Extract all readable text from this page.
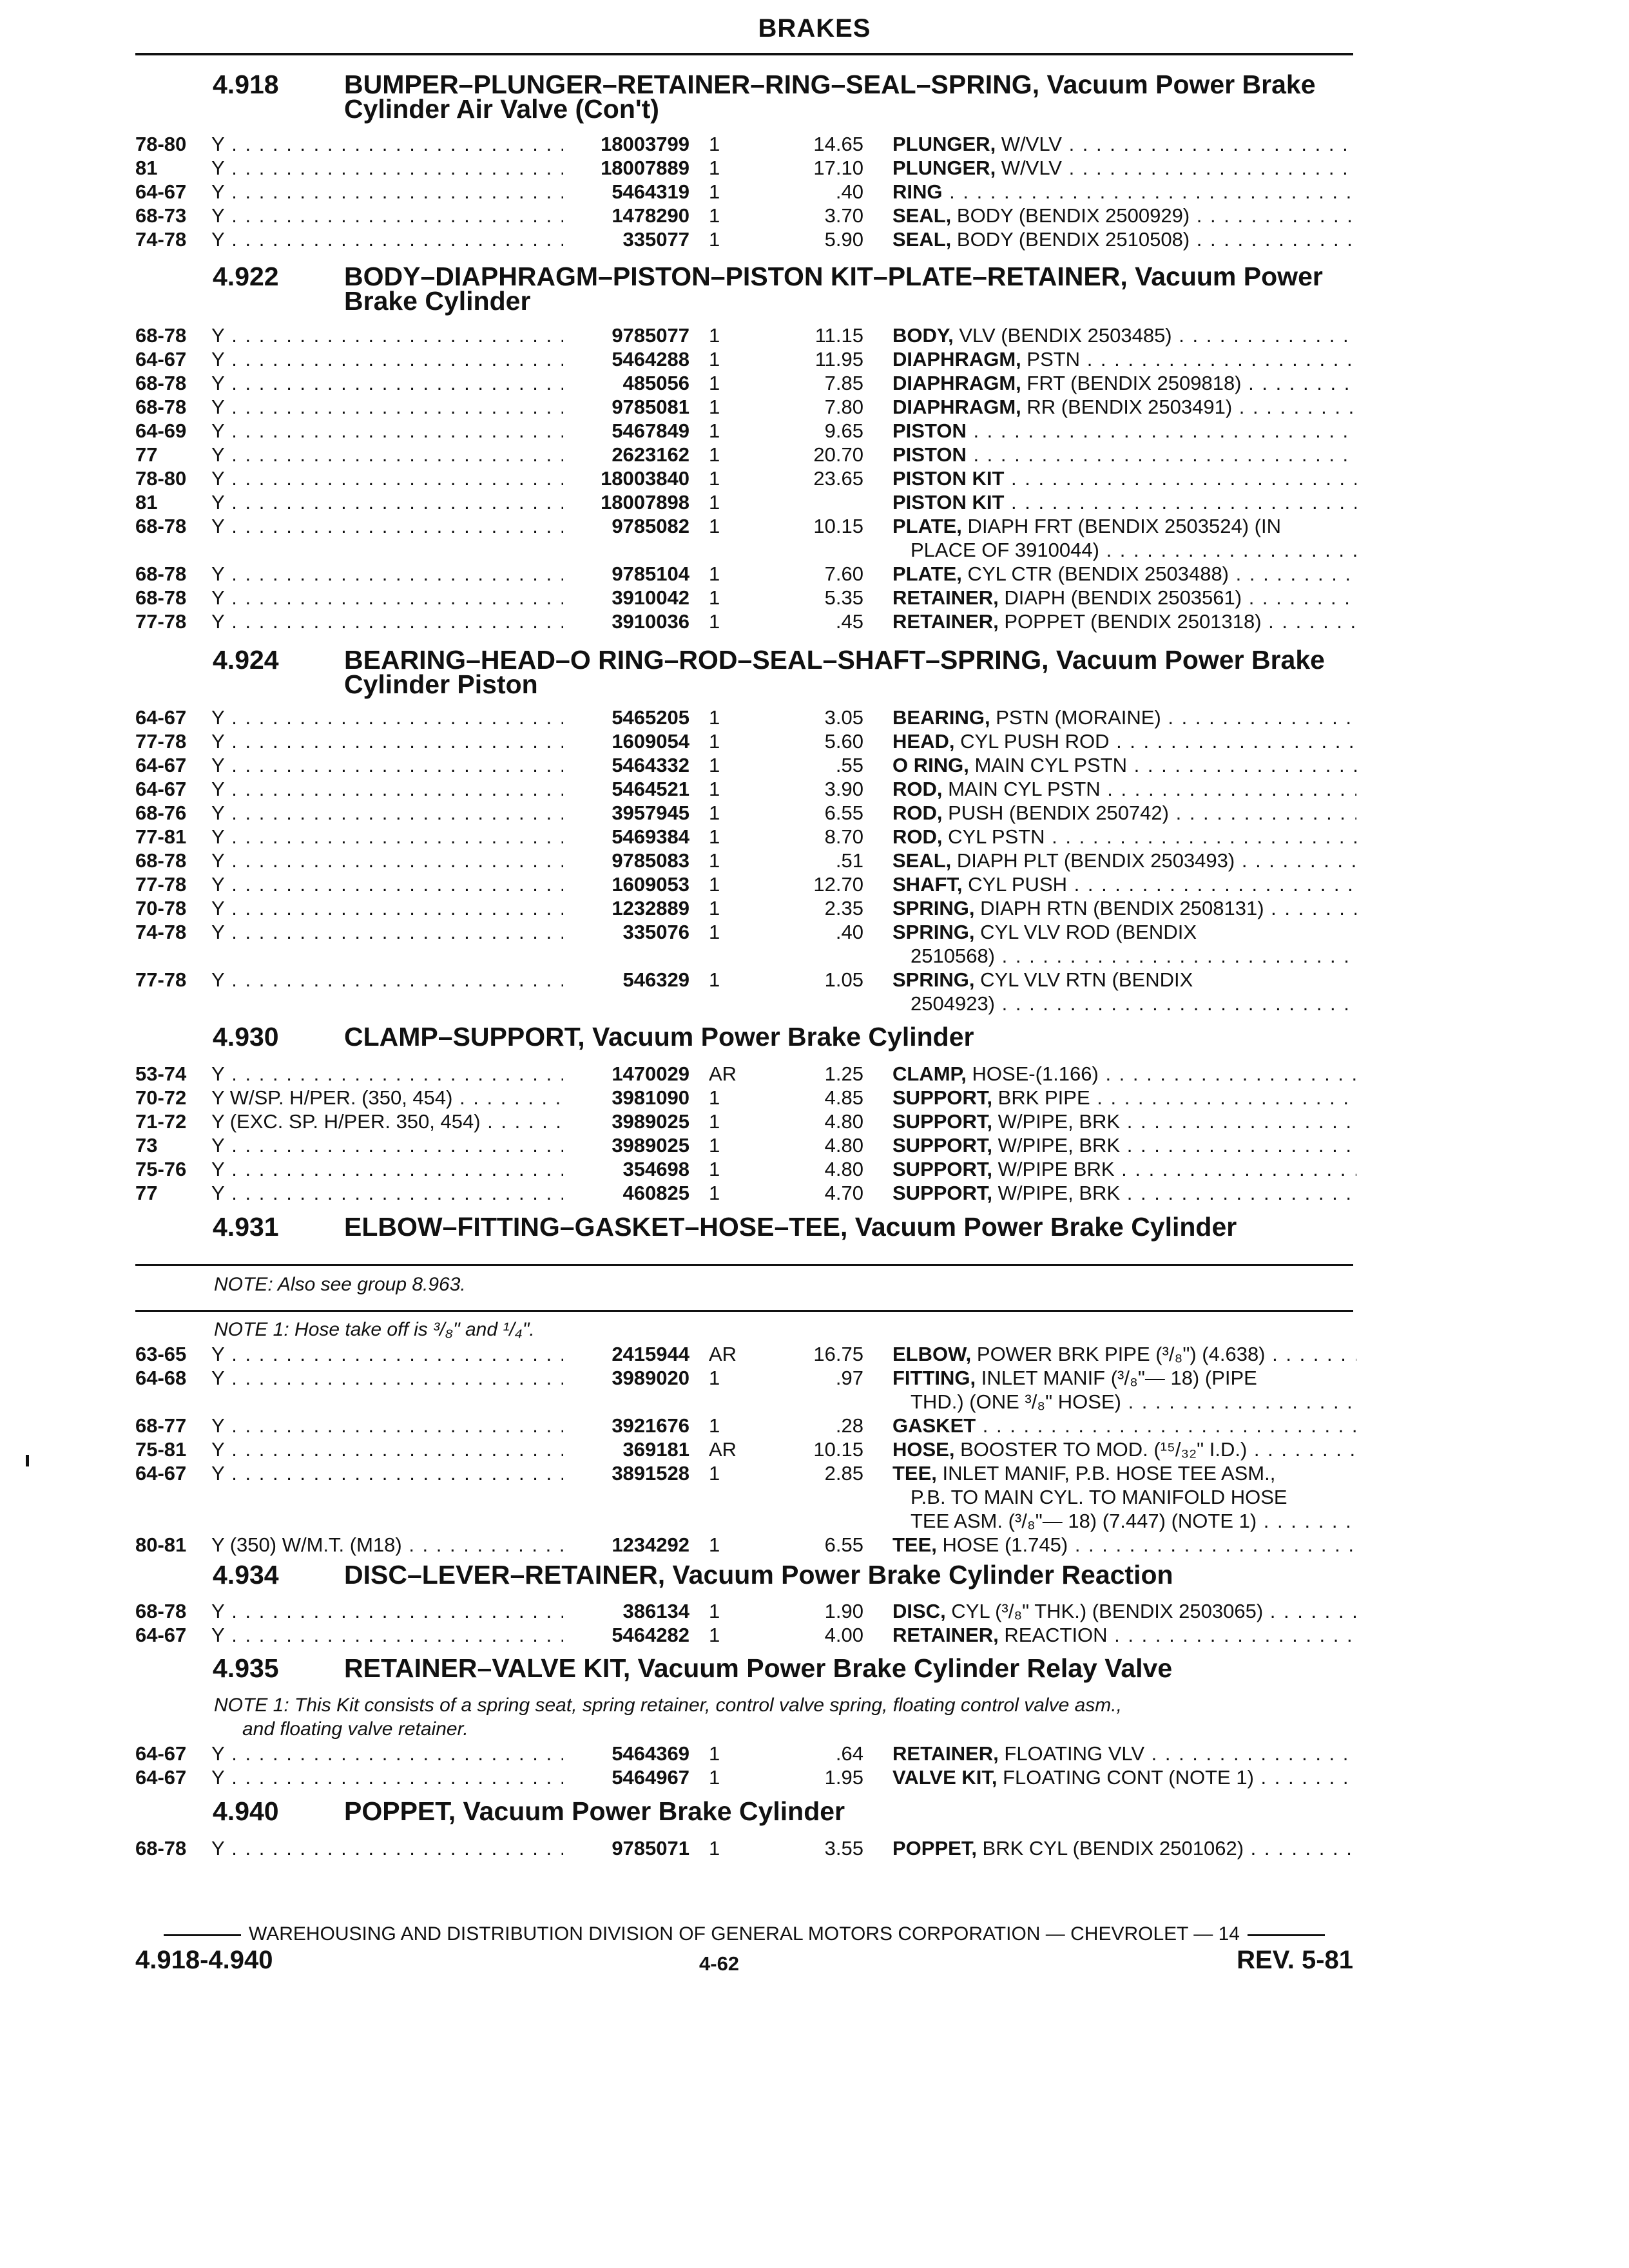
BRAKES
4.918 BUMPER–PLUNGER–RETAINER–RING–SEAL–SPRING, Vacuum Power Brake Cylinder Air Valve (Con't)
78-80 Y . . .	18003799 1	14.65 PLUNGER, W/VLV . . .
81	Y . . .	18007889 1	17.10 PLUNGER, W/VLV . . .
64-67 Y . . .	5464319 1	.40 RING . . .
68-73 Y . . .	1478290 1	3.70 SEAL, BODY (BENDIX 2500929) . . .
74-78 Y . . .	335077 1	5.90 SEAL, BODY (BENDIX 2510508) . . .
4.922 BODY–DIAPHRAGM–PISTON–PISTON KIT–PLATE–RETAINER, Vacuum Power Brake Cylinder
68-78 Y . . .	9785077 1	11.15 BODY, VLV (BENDIX 2503485) . . .
64-67 Y . . .	5464288 1	11.95 DIAPHRAGM, PSTN . . .
68-78 Y . . .	485056 1	7.85 DIAPHRAGM, FRT (BENDIX 2509818) . . .
68-78 Y . . .	9785081 1	7.80 DIAPHRAGM, RR (BENDIX 2503491) . . .
64-69 Y . . .	5467849 1	9.65 PISTON . . .
77	Y . . .	2623162 1	20.70 PISTON . . .
78-80 Y . . .	18003840 1	23.65 PISTON KIT . . .
81	Y . . .	18007898 1	PISTON KIT . . .
68-78 Y . . .	9785082 1	10.15 PLATE, DIAPH FRT (BENDIX 2503524) (IN
PLACE OF 3910044) . . .
68-78 Y . . .	9785104 1	7.60 PLATE, CYL CTR (BENDIX 2503488) . . .
68-78 Y . . .	3910042 1	5.35 RETAINER, DIAPH (BENDIX 2503561) . . .
77-78 Y . . .	3910036 1	.45 RETAINER, POPPET (BENDIX 2501318) . . .
4.924 BEARING–HEAD–O RING–ROD–SEAL–SHAFT–SPRING, Vacuum Power Brake Cylinder Piston
64-67 Y . . .	5465205 1	3.05 BEARING, PSTN (MORAINE) . . .
77-78 Y . . .	1609054 1	5.60 HEAD, CYL PUSH ROD . . .
64-67 Y . . .	5464332 1	.55 O RING, MAIN CYL PSTN . . .
64-67 Y . . .	5464521 1	3.90 ROD, MAIN CYL PSTN . . .
68-76 Y . . .	3957945 1	6.55 ROD, PUSH (BENDIX 250742) . . .
77-81 Y . . .	5469384 1	8.70 ROD, CYL PSTN . . .
68-78 Y . . .	9785083 1	.51 SEAL, DIAPH PLT (BENDIX 2503493) . . .
77-78 Y . . .	1609053 1	12.70 SHAFT, CYL PUSH . . .
70-78 Y . . .	1232889 1	2.35 SPRING, DIAPH RTN (BENDIX 2508131) . . .
74-78 Y . . .	335076 1	.40 SPRING, CYL VLV ROD (BENDIX
2510568) . . .
77-78 Y . . .	546329 1	1.05 SPRING, CYL VLV RTN (BENDIX
2504923) . . .
4.930 CLAMP–SUPPORT, Vacuum Power Brake Cylinder
53-74 Y . . .	1470029 AR	1.25 CLAMP, HOSE-(1.166) . . .
70-72 Y W/SP. H/PER. (350, 454) . . .	3981090 1	4.85 SUPPORT, BRK PIPE . . .
71-72 Y (EXC. SP. H/PER. 350, 454) . . .	3989025 1	4.80 SUPPORT, W/PIPE, BRK . . .
73	Y . . .	3989025 1	4.80 SUPPORT, W/PIPE, BRK . . .
75-76 Y . . .	354698 1	4.80 SUPPORT, W/PIPE BRK . . .
77	Y . . .	460825 1	4.70 SUPPORT, W/PIPE, BRK . . .
4.931 ELBOW–FITTING–GASKET–HOSE–TEE, Vacuum Power Brake Cylinder
NOTE: Also see group 8.963.
NOTE 1: Hose take off is ³/₈" and ¹/₄".
63-65 Y . . .	2415944 AR	16.75 ELBOW, POWER BRK PIPE (³/₈") (4.638) . . .
64-68 Y . . .	3989020 1	.97 FITTING, INLET MANIF (³/₈"— 18) (PIPE
THD.) (ONE ³/₈" HOSE) . . .
68-77 Y . . .	3921676 1	.28 GASKET . . .
75-81 Y . . .	369181 AR	10.15 HOSE, BOOSTER TO MOD. (¹⁵/₃₂" I.D.) . . .
64-67 Y . . .	3891528 1	2.85 TEE, INLET MANIF, P.B. HOSE TEE ASM.,
P.B. TO MAIN CYL. TO MANIFOLD HOSE
TEE ASM. (³/₈"— 18) (7.447) (NOTE 1) . . .
80-81 Y (350) W/M.T. (M18) . . .	1234292 1	6.55 TEE, HOSE (1.745) . . .
4.934 DISC–LEVER–RETAINER, Vacuum Power Brake Cylinder Reaction
68-78 Y . . .	386134 1	1.90 DISC, CYL (³/₈" THK.) (BENDIX 2503065) . . .
64-67 Y . . .	5464282 1	4.00 RETAINER, REACTION . . .
4.935 RETAINER–VALVE KIT, Vacuum Power Brake Cylinder Relay Valve
NOTE 1: This Kit consists of a spring seat, spring retainer, control valve spring, floating control valve asm.,
and floating valve retainer.
64-67 Y . . .	5464369 1	.64 RETAINER, FLOATING VLV . . .
64-67 Y . . .	5464967 1	1.95 VALVE KIT, FLOATING CONT (NOTE 1) . . .
4.940 POPPET, Vacuum Power Brake Cylinder
68-78 Y . . .	9785071 1	3.55 POPPET, BRK CYL (BENDIX 2501062) . . .
WAREHOUSING AND DISTRIBUTION DIVISION OF GENERAL MOTORS CORPORATION — CHEVROLET — 14
4.918-4.940	4-62	REV. 5-81
